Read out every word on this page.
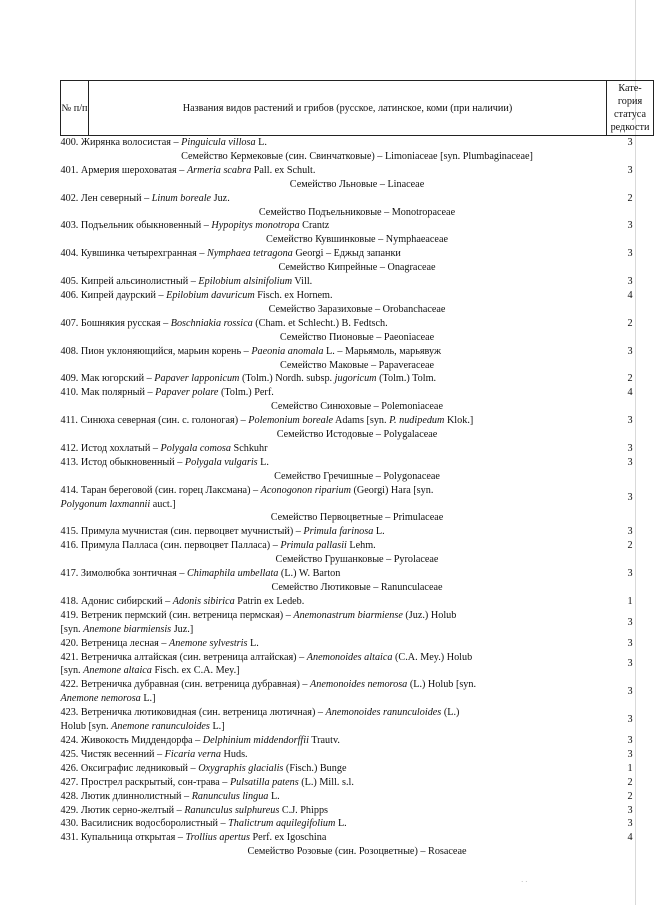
№ п/п	Названия видов растений и грибов (русское, латинское, коми (при наличии)	Кате-гория статуса редкости
400. Жирянка волосистая – Pinguicula villosa L.		3
Семейство Кермековые (син. Свинчатковые) – Limoniaceae [syn. Plumbaginaceae]		
401. Армерия шероховатая – Armeria scabra Pall. ex Schult.		3
Семейство Льновые – Linaceae		
402. Лен северный – Linum boreale Juz.		2
Семейство Подъельниковые – Monotropaceae		
403. Подъельник обыкновенный – Hypopitys monotropa Crantz		3
Семейство Кувшинковые – Nymphaeaceae		
404. Кувшинка четырехгранная – Nymphaea tetragona Georgi – Еджыд запанки		3
Семейство Кипрейные – Onagraceae		
405. Кипрей альсинолистный – Epilobium alsinifolium Vill.		3
406. Кипрей даурский – Epilobium davuricum Fisch. ex Hornem.		4
Семейство Заразиховые – Orobanchaceae		
407. Бошнякия русская – Boschniakia rossica (Cham. et Schlecht.) B. Fedtsch.		2
Семейство Пионовые – Paeoniaceae		
408. Пион уклоняющийся, марьин корень – Paeonia anomala L. – Марьямоль, марьявуж		3
Семейство Маковые – Papaveraceae		
409. Мак югорский – Papaver lapponicum (Tolm.) Nordh. subsp. jugoricum (Tolm.) Tolm.		2
410. Мак полярный – Papaver polare (Tolm.) Perf.		4
Семейство Синюховые – Polemoniaceae		
411. Синюха северная (син. с. голоногая) – Polemonium boreale Adams [syn. P. nudipedum Klok.]		3
Семейство Истодовые – Polygalaceae		
412. Истод хохлатый – Polygala comosa Schkuhr		3
413. Истод обыкновенный – Polygala vulgaris L.		3
Семейство Гречишные – Polygonaceae		
414. Таран береговой (син. горец Лаксмана) – Aconogonon riparium (Georgi) Hara [syn.
Polygonum laxmannii auct.]		3
Семейство Первоцветные – Primulaceae		
415. Примула мучнистая (син. первоцвет мучнистый) – Primula farinosa L.		3
416. Примула Палласа (син. первоцвет Палласа) – Primula pallasii Lehm.		2
Семейство Грушанковые – Pyrolaceae		
417. Зимолюбка зонтичная – Chimaphila umbellata (L.) W. Barton		3
Семейство Лютиковые – Ranunculaceae		
418. Адонис сибирский – Adonis sibirica Patrin ex Ledeb.		1
419. Ветреник пермский (син. ветреница пермская) – Anemonastrum biarmiense (Juz.) Holub
[syn. Anemone biarmiensis Juz.]		3
420. Ветреница лесная – Anemone sylvestris L.		3
421. Ветреничка алтайская (син. ветреница алтайская) – Anemonoides altaica (C.A. Mey.) Holub
[syn. Anemone altaica Fisch. ex C.A. Mey.]		3
422. Ветреничка дубравная (син. ветреница дубравная) – Anemonoides nemorosa (L.) Holub [syn.
Anemone nemorosa L.]		3
423. Ветреничка лютиковидная (син. ветреница лютичная) – Anemonoides ranunculoides (L.)
Holub [syn. Anemone ranunculoides L.]		3
424. Живокость Миддендорфа – Delphinium middendorffii Trautv.		3
425. Чистяк весенний – Ficaria verna Huds.		3
426. Оксиграфис ледниковый – Oxygraphis glacialis (Fisch.) Bunge		1
427. Прострел раскрытый, сон-трава – Pulsatilla patens (L.) Mill. s.l.		2
428. Лютик длиннолистный – Ranunculus lingua L.		2
429. Лютик серно-желтый – Ranunculus sulphureus C.J. Phipps		3
430. Василисник водосборолистный – Thalictrum aquilegifolium L.		3
431. Купальница открытая – Trollius apertus Perf. ex Igoschina		4
Семейство Розовые (син. Розоцветные) – Rosaceae		
· ·
